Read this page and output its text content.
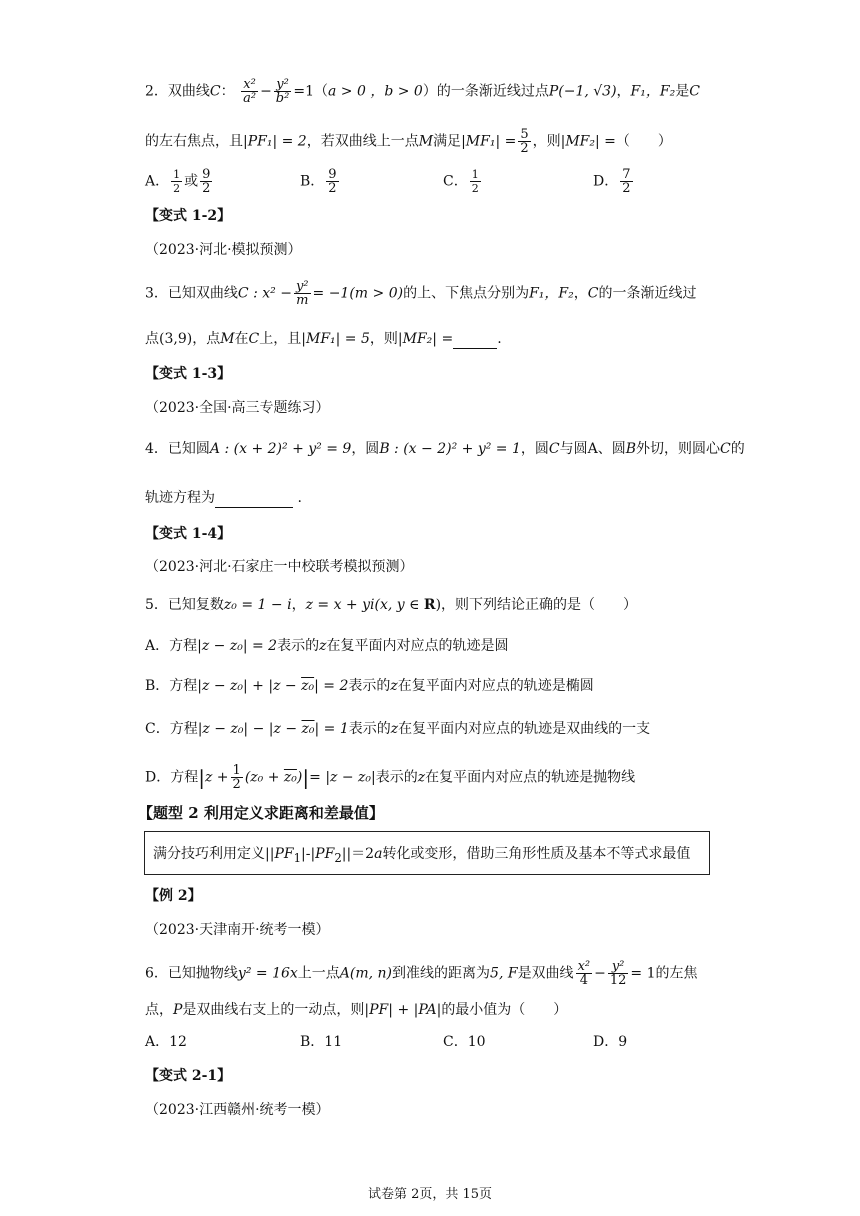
2．双曲线C： $\frac{\text{x²}}{\text{a²}} - \frac{\text{y²}}{\text{b²}} =1(a > 0$ ，b > 0）的一条渐近线过点P(−1, √3)，F₁，F₂是C
的左右焦点，且|PF₁| = 2，若双曲线上一点M满足$|MF_1| = \frac{5}{2}$ ，则|MF₂| =（　　）
A． $\frac{1}{2}$ 或 $\frac{9}{2}$	B． $\frac{9}{2}$	C． $\frac{1}{2}$	D． $\frac{7}{2}$
【变式 1-2】
（2023·河北·模拟预测）
3．已知双曲线C : $x^2 - \frac{\text{y²}}{m} = -1(m > 0)$的上、下焦点分别为F₁，F₂，C的一条渐近线过
点(3,9)，点M在C上，且|MF₁| = 5，则|MF₂| =	.
【变式 1-3】
（2023·全国·高三专题练习）
4．已知圆A : (x + 2)² + y² = 9，圆B : (x − 2)² + y² = 1，圆C与圆A、圆B外切，则圆心C的
轨迹方程为	.
【变式 1-4】
（2023·河北·石家庄一中校联考模拟预测）
5．已知复数z₀ = 1 − i，z = x + yi(x, y ∈ R)，则下列结论正确的是（　　）
A．方程|z − z₀| = 2表示的z在复平面内对应点的轨迹是圆
B．方程|z − z₀| + |z − z₀| = 2表示的z在复平面内对应点的轨迹是椭圆
C．方程|z − z₀| − |z − z₀| = 1表示的z在复平面内对应点的轨迹是双曲线的一支
D．方程$|z + \frac{1}{2} (z_0 + z_0)|= |z - z_0|$表示的z在复平面内对应点的轨迹是抛物线
【题型 2 利用定义求距离和差最值】
满分技巧利用定义$||PF_1|-|PF_2||=2a$转化或变形，借助三角形性质及基本不等式求最值
【例 2】
（2023·天津南开·统考一模）
6．已知抛物线y² = 16x上一点A(m, n)到准线的距离为5, F是双曲线 $\frac{\text{x²}}{4} - \frac{\text{y²}}{12} = 1$的左焦
点，P是双曲线右支上的一动点，则|PF| + |PA|的最小值为（　　）
A．12	B．11	C．10	D．9
【变式 2-1】
（2023·江西赣州·统考一模）
试卷第 2页，共 15页
